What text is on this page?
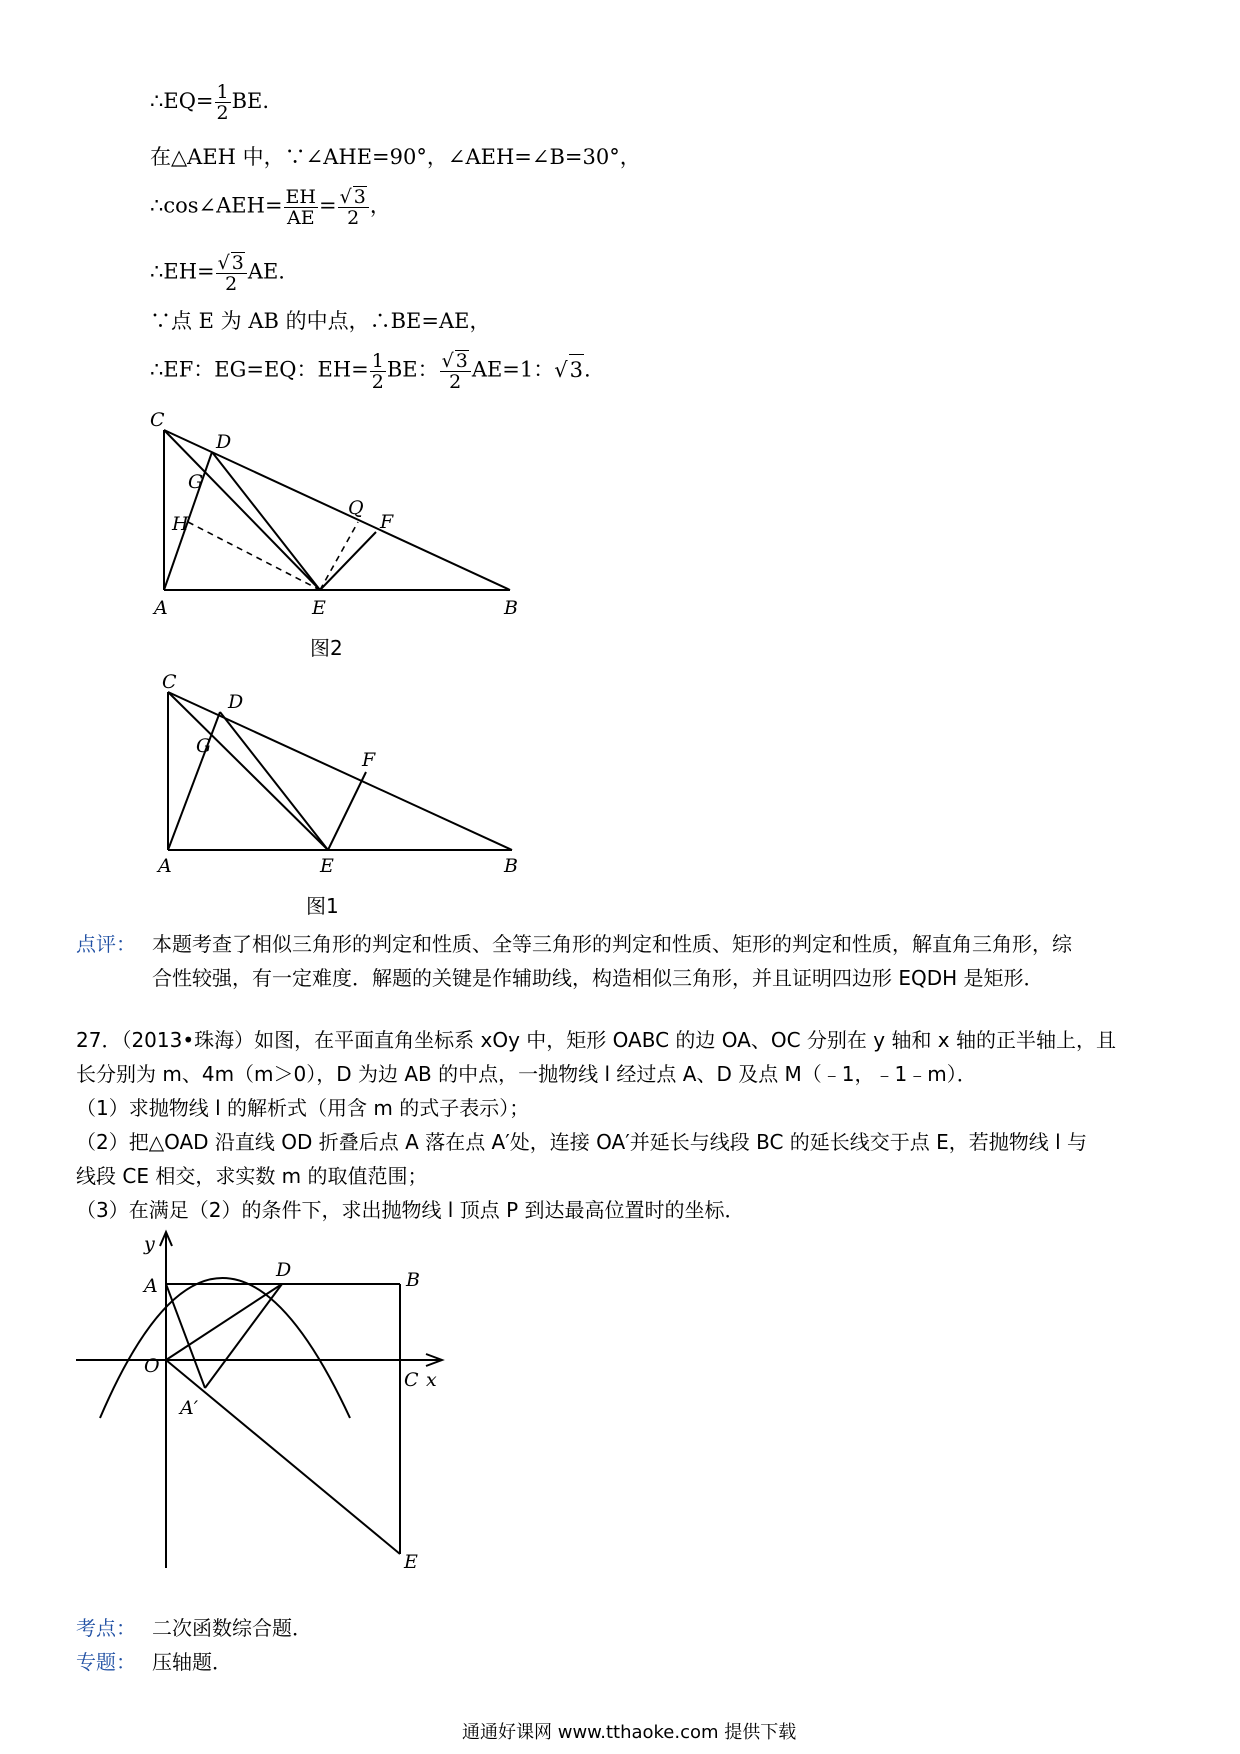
∴EQ= $\frac{1}{2}$ BE.
在△AEH 中，∵∠AHE=90°，∠AEH=∠B=30°，
∴cos∠AEH= $\frac{EH}{AE} = \frac{√ 3}{2}$ ，
∴EH= $\frac{√ 3}{2}$ AE.
∵点 E 为 AB 的中点，∴BE=AE，
∴EF：EG=EQ：$EH= \frac{1}{2}$ BE： $\frac{√ 3}{2} AE=1$：√3.
C
D
G
Q
F
H
A	E	B
图2
C
D
G
F
A	E	B
图1
点评： 本题考查了相似三角形的判定和性质、全等三角形的判定和性质、矩形的判定和性质，解直角三角形，综
合性较强，有一定难度．解题的关键是作辅助线，构造相似三角形，并且证明四边形 EQDH 是矩形．
27．（2013•珠海）如图，在平面直角坐标系 xOy 中，矩形 OABC 的边 OA、OC 分别在 y 轴和 x 轴的正半轴上，且
长分别为 m、4m（m＞0），D 为边 AB 的中点，一抛物线 l 经过点 A、D 及点 M（﹣1，﹣1﹣m）．
（1）求抛物线 l 的解析式（用含 m 的式子表示）；
（2）把△OAD 沿直线 OD 折叠后点 A 落在点 A′处，连接 OA′并延长与线段 BC 的延长线交于点 E，若抛物线 l 与
线段 CE 相交，求实数 m 的取值范围；
（3）在满足（2）的条件下，求出抛物线 l 顶点 P 到达最高位置时的坐标．
y
x
A
D	B
O
C
A′
E
考点： 二次函数综合题．
专题： 压轴题．
通通好课网 www.tthaoke.com 提供下载
